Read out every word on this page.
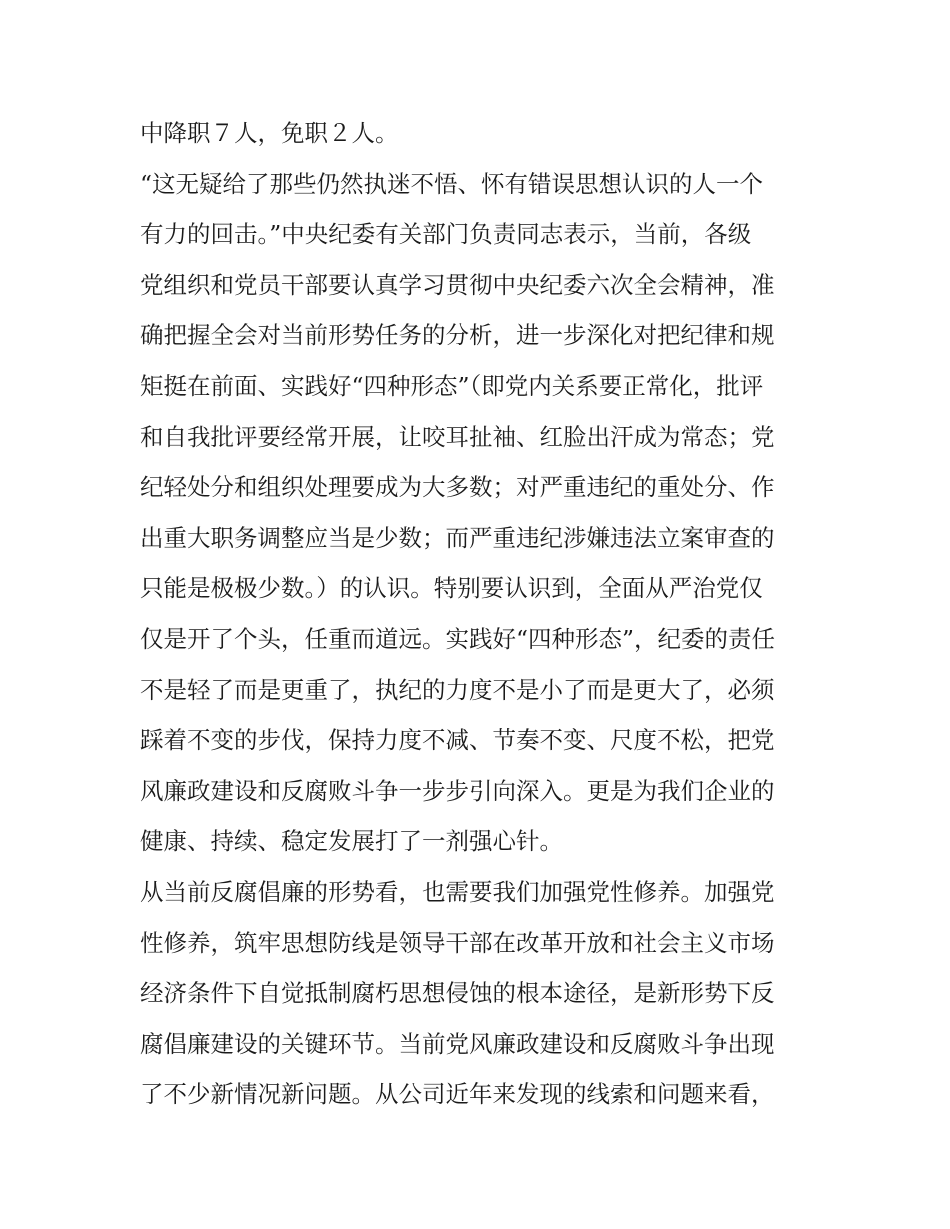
中降职７人，免职２人。
“这无疑给了那些仍然执迷不悟、怀有错误思想认识的人一个
有力的回击。”中央纪委有关部门负责同志表示，当前，各级
党组织和党员干部要认真学习贯彻中央纪委六次全会精神，准
确把握全会对当前形势任务的分析，进一步深化对把纪律和规
矩挺在前面、实践好“四种形态”（即党内关系要正常化，批评
和自我批评要经常开展，让咬耳扯袖、红脸出汗成为常态；党
纪轻处分和组织处理要成为大多数；对严重违纪的重处分、作
出重大职务调整应当是少数；而严重违纪涉嫌违法立案审查的
只能是极极少数。）的认识。特别要认识到，全面从严治党仅
仅是开了个头，任重而道远。实践好“四种形态”，纪委的责任
不是轻了而是更重了，执纪的力度不是小了而是更大了，必须
踩着不变的步伐，保持力度不减、节奏不变、尺度不松，把党
风廉政建设和反腐败斗争一步步引向深入。更是为我们企业的
健康、持续、稳定发展打了一剂强心针。
从当前反腐倡廉的形势看，也需要我们加强党性修养。加强党
性修养，筑牢思想防线是领导干部在改革开放和社会主义市场
经济条件下自觉抵制腐朽思想侵蚀的根本途径，是新形势下反
腐倡廉建设的关键环节。当前党风廉政建设和反腐败斗争出现
了不少新情况新问题。从公司近年来发现的线索和问题来看，
